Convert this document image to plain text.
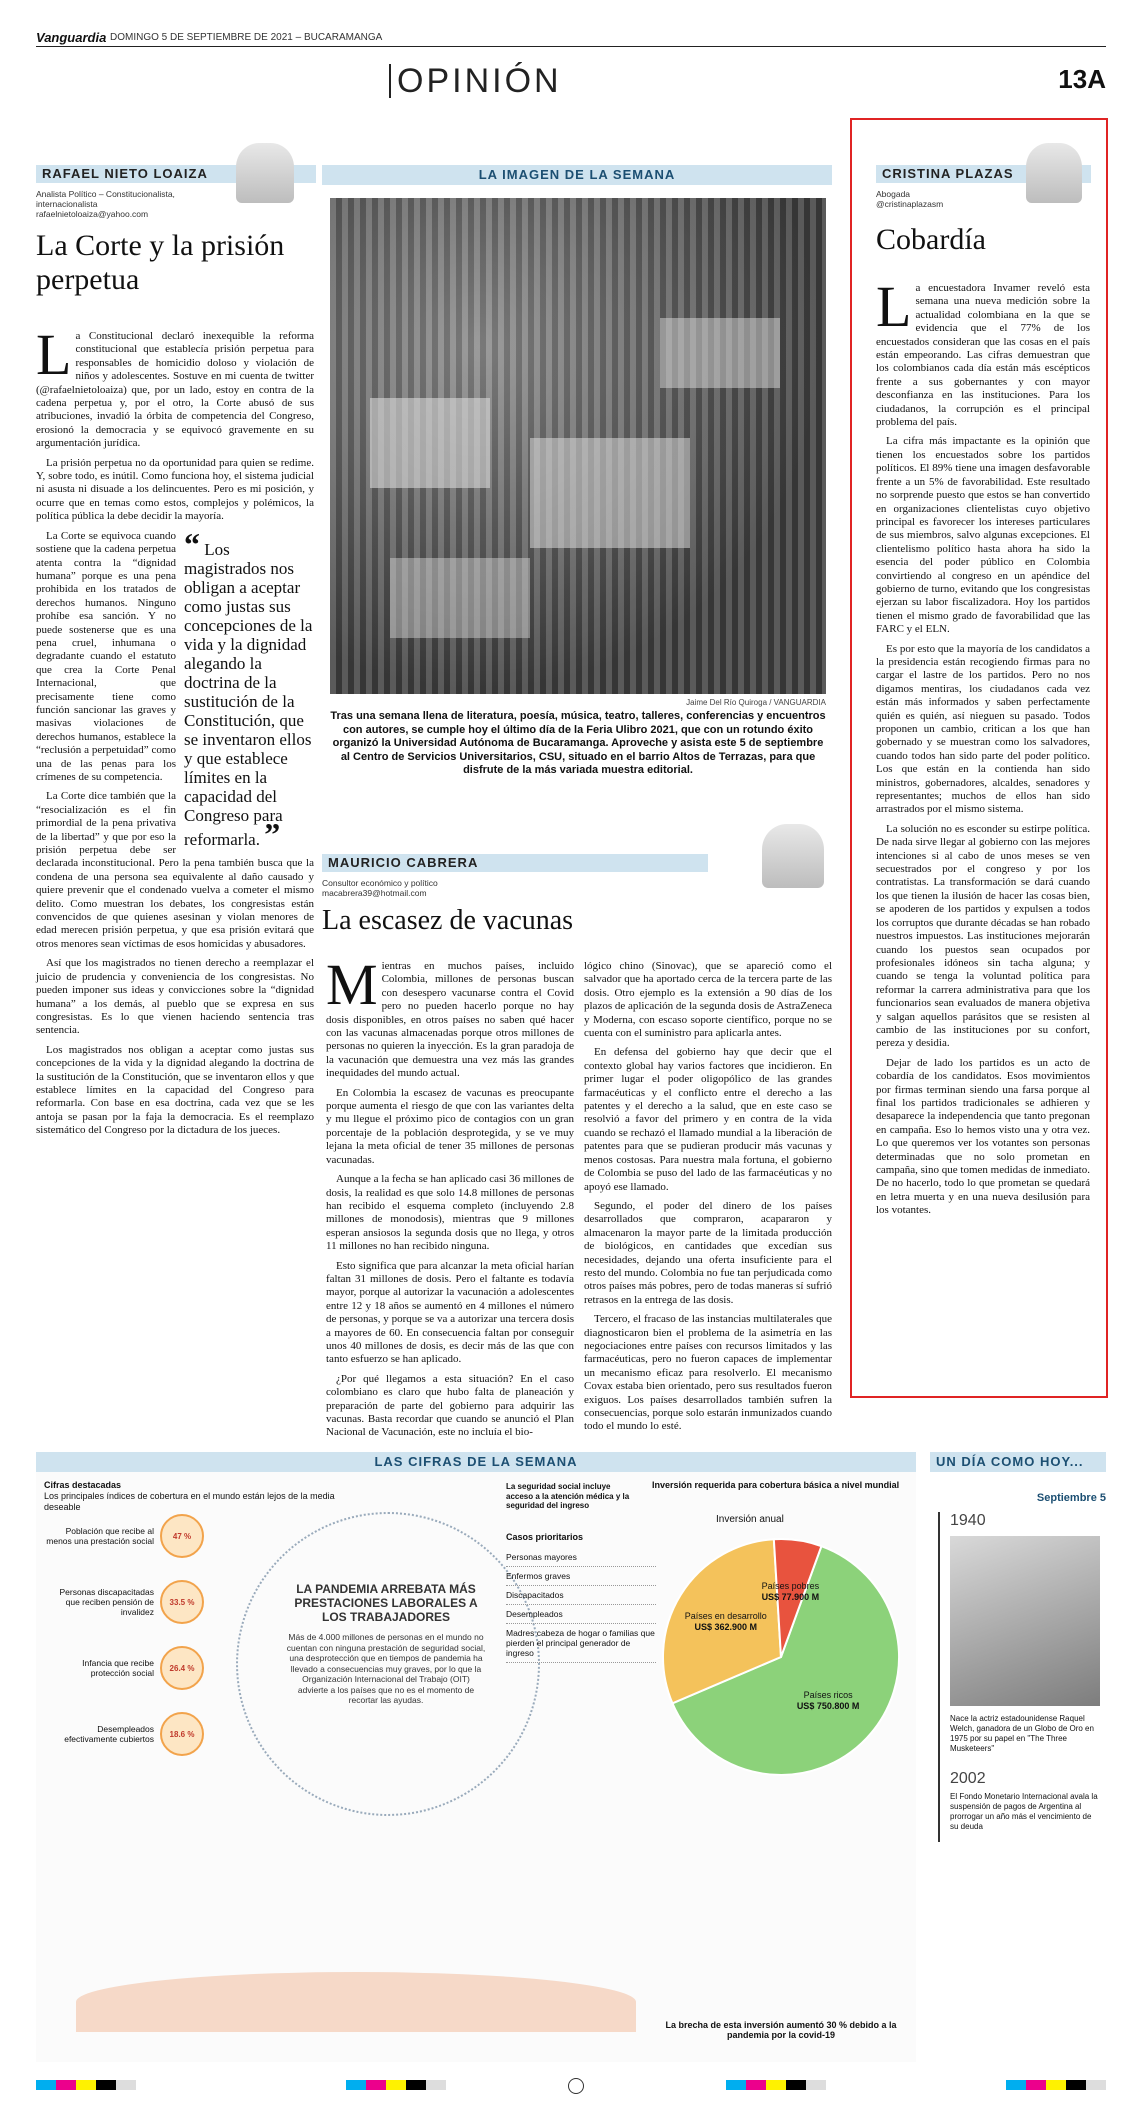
Vanguardia DOMINGO 5 DE SEPTIEMBRE DE 2021 – BUCARAMANGA
OPINIÓN	13A
RAFAEL NIETO LOAIZA
Analista Político – Constitucionalista,
internacionalista
rafaelnietoloaiza@yahoo.com
La Corte y la prisión perpetua
L a Constitucional declaró inexequible la reforma constitucional que establecía prisión perpetua para responsables de homicidio doloso y violación de niños y adolescentes. Sostuve en mi cuenta de twitter (@rafaelnietoloaiza) que, por un lado, estoy en contra de la cadena perpetua y, por el otro, la Corte abusó de sus atribuciones, invadió la órbita de competencia del Congreso, erosionó la democracia y se equivocó gravemente en su argumentación jurídica.

La prisión perpetua no da oportunidad para quien se redime. Y, sobre todo, es inútil. Como funciona hoy, el sistema judicial ni asusta ni disuade a los delincuentes. Pero es mi posición, y ocurre que en temas como estos, complejos y polémicos, la política pública la debe decidir la mayoría.

“ Los magistrados nos obligan a aceptar como justas sus concepciones de la vida y la dignidad alegando la doctrina de la sustitución de la Constitución, que se inventaron ellos y que establece límites en la capacidad del Congreso para reformarla. ”

La Corte se equivoca cuando sostiene que la cadena perpetua atenta contra la “dignidad humana” porque es una pena prohibida en los tratados de derechos humanos. Ninguno prohíbe esa sanción. Y no puede sostenerse que es una pena cruel, inhumana o degradante cuando el estatuto que crea la Corte Penal Internacional, que precisamente tiene como función sancionar las graves y masivas violaciones de derechos humanos, establece la “reclusión a perpetuidad” como una de las penas para los crímenes de su competencia.

La Corte dice también que la “resocialización es el fin primordial de la pena privativa de la libertad” y que por eso la prisión perpetua debe ser declarada inconstitucional. Pero la pena también busca que la condena de una persona sea equivalente al daño causado y quiere prevenir que el condenado vuelva a cometer el mismo delito. Como muestran los debates, los congresistas están convencidos de que quienes asesinan y violan menores de edad merecen prisión perpetua, y que esa prisión evitará que otros menores sean víctimas de esos homicidas y abusadores.

Así que los magistrados no tienen derecho a reemplazar el juicio de prudencia y conveniencia de los congresistas. No pueden imponer sus ideas y convicciones sobre la “dignidad humana” a los demás, al pueblo que se expresa en sus congresistas. Es lo que vienen haciendo sentencia tras sentencia.

Los magistrados nos obligan a aceptar como justas sus concepciones de la vida y la dignidad alegando la doctrina de la sustitución de la Constitución, que se inventaron ellos y que establece límites en la capacidad del Congreso para reformarla. Con base en esa doctrina, cada vez que se les antoja se pasan por la faja la democracia. Es el reemplazo sistemático del Congreso por la dictadura de los jueces.

LA IMAGEN DE LA SEMANA
Jaime Del Río Quiroga / VANGUARDIA
Tras una semana llena de literatura, poesía, música, teatro, talleres, conferencias y encuentros con autores, se cumple hoy el último día de la Feria Ulibro 2021, que con un rotundo éxito organizó la Universidad Autónoma de Bucaramanga. Aproveche y asista este 5 de septiembre al Centro de Servicios Universitarios, CSU, situado en el barrio Altos de Terrazas, para que disfrute de la más variada muestra editorial.
MAURICIO CABRERA
Consultor económico y político
macabrera39@hotmail.com
La escasez de vacunas
M ientras en muchos países, incluido Colombia, millones de personas buscan con desespero vacunarse contra el Covid pero no pueden hacerlo porque no hay dosis disponibles, en otros países no saben qué hacer con las vacunas almacenadas porque otros millones de personas no quieren la inyección. Es la gran paradoja de la vacunación que demuestra una vez más las grandes inequidades del mundo actual.

En Colombia la escasez de vacunas es preocupante porque aumenta el riesgo de que con las variantes delta y mu llegue el próximo pico de contagios con un gran porcentaje de la población desprotegida, y se ve muy lejana la meta oficial de tener 35 millones de personas vacunadas.

Aunque a la fecha se han aplicado casi 36 millones de dosis, la realidad es que solo 14.8 millones de personas han recibido el esquema completo (incluyendo 2.8 millones de monodosis), mientras que 9 millones esperan ansiosos la segunda dosis que no llega, y otros 11 millones no han recibido ninguna.

Esto significa que para alcanzar la meta oficial harían faltan 31 millones de dosis. Pero el faltante es todavía mayor, porque al autorizar la vacunación a adolescentes entre 12 y 18 años se aumentó en 4 millones el número de personas, y porque se va a autorizar una tercera dosis a mayores de 60. En consecuencia faltan por conseguir unos 40 millones de dosis, es decir más de las que con tanto esfuerzo se han aplicado.

¿Por qué llegamos a esta situación? En el caso colombiano es claro que hubo falta de planeación y preparación de parte del gobierno para adquirir las vacunas. Basta recordar que cuando se anunció el Plan Nacional de Vacunación, este no incluía el bio-

lógico chino (Sinovac), que se apareció como el salvador que ha aportado cerca de la tercera parte de las dosis. Otro ejemplo es la extensión a 90 días de los plazos de aplicación de la segunda dosis de AstraZeneca y Moderna, con escaso soporte científico, porque no se cuenta con el suministro para aplicarla antes.

En defensa del gobierno hay que decir que el contexto global hay varios factores que incidieron. En primer lugar el poder oligopólico de las grandes farmacéuticas y el conflicto entre el derecho a las patentes y el derecho a la salud, que en este caso se resolvió a favor del primero y en contra de la vida cuando se rechazó el llamado mundial a la liberación de patentes para que se pudieran producir más vacunas y menos costosas. Para nuestra mala fortuna, el gobierno de Colombia se puso del lado de las farmacéuticas y no apoyó ese llamado.

Segundo, el poder del dinero de los países desarrollados que compraron, acapararon y almacenaron la mayor parte de la limitada producción de biológicos, en cantidades que excedían sus necesidades, dejando una oferta insuficiente para el resto del mundo. Colombia no fue tan perjudicada como otros países más pobres, pero de todas maneras sí sufrió retrasos en la entrega de las dosis.

Tercero, el fracaso de las instancias multilaterales que diagnosticaron bien el problema de la asimetría en las negociaciones entre países con recursos limitados y las farmacéuticas, pero no fueron capaces de implementar un mecanismo eficaz para resolverlo. El mecanismo Covax estaba bien orientado, pero sus resultados fueron exiguos. Los países desarrollados también sufren la consecuencias, porque solo estarán inmunizados cuando todo el mundo lo esté.

CRISTINA PLAZAS
Abogada
@cristinaplazasm
Cobardía
L a encuestadora Invamer reveló esta semana una nueva medición sobre la actualidad colombiana en la que se evidencia que el 77% de los encuestados consideran que las cosas en el país están empeorando. Las cifras demuestran que los colombianos cada día están más escépticos frente a sus gobernantes y con mayor desconfianza en las instituciones. Para los ciudadanos, la corrupción es el principal problema del país.

La cifra más impactante es la opinión que tienen los encuestados sobre los partidos políticos. El 89% tiene una imagen desfavorable frente a un 5% de favorabilidad. Este resultado no sorprende puesto que estos se han convertido en organizaciones clientelistas cuyo objetivo principal es favorecer los intereses particulares de sus miembros, salvo algunas excepciones. El clientelismo político hasta ahora ha sido la esencia del poder público en Colombia convirtiendo al congreso en un apéndice del gobierno de turno, evitando que los congresistas ejerzan su labor fiscalizadora. Hoy los partidos tienen el mismo grado de favorabilidad que las FARC y el ELN.

Es por esto que la mayoría de los candidatos a la presidencia están recogiendo firmas para no cargar el lastre de los partidos. Pero no nos digamos mentiras, los ciudadanos cada vez están más informados y saben perfectamente quién es quién, así nieguen su pasado. Todos proponen un cambio, critican a los que han gobernado y se muestran como los salvadores, cuando todos han sido parte del poder político. Los que están en la contienda han sido ministros, gobernadores, alcaldes, senadores y representantes; muchos de ellos han sido arrastrados por el mismo sistema.

La solución no es esconder su estirpe política. De nada sirve llegar al gobierno con las mejores intenciones si al cabo de unos meses se ven secuestrados por el congreso y por los contratistas. La transformación se dará cuando los que tienen la ilusión de hacer las cosas bien, se apoderen de los partidos y expulsen a todos los corruptos que durante décadas se han robado nuestros impuestos. Las instituciones mejorarán cuando los puestos sean ocupados por profesionales idóneos sin tacha alguna; y cuando se tenga la voluntad política para reformar la carrera administrativa para que los funcionarios sean evaluados de manera objetiva y salgan aquellos parásitos que se resisten al cambio de las instituciones por su confort, pereza y desidia.

Dejar de lado los partidos es un acto de cobardía de los candidatos. Esos movimientos por firmas terminan siendo una farsa porque al final los partidos tradicionales se adhieren y desaparece la independencia que tanto pregonan en campaña. Eso lo hemos visto una y otra vez. Lo que queremos ver los votantes son personas determinadas que no solo prometan en campaña, sino que tomen medidas de inmediato. De no hacerlo, todo lo que prometan se quedará en letra muerta y en una nueva desilusión para los votantes.

LAS CIFRAS DE LA SEMANA
Cifras destacadas
Los principales índices de cobertura en el mundo están lejos de la media deseable
Población que recibe al menos una prestación social	47 %
Personas discapacitadas que reciben pensión de invalidez
33.5 %
Infancia que recibe protección social	26.4 %
Desempleados efectivamente cubiertos	18.6 %
LA PANDEMIA ARREBATA MÁS PRESTACIONES LABORALES A LOS TRABAJADORES
Más de 4.000 millones de personas en el mundo no cuentan con ninguna prestación de seguridad social, una desprotección que en tiempos de pandemia ha llevado a consecuencias muy graves, por lo que la Organización Internacional del Trabajo (OIT) advierte a los países que no es el momento de recortar las ayudas.
La seguridad social incluye acceso a la atención médica y la seguridad del ingreso
Casos prioritarios
Personas mayores
Enfermos graves
Discapacitados
Desempleados
Madres cabeza de hogar o familias que pierden el principal generador de ingreso
Inversión requerida para cobertura básica a nivel mundial
Inversión anual
La brecha de esta inversión aumentó 30 % debido a la pandemia por la covid-19
Países ricos
US$ 750.800 M
Países en desarrollo
US$ 362.900 M
Países pobres
US$ 77.900 M
UN DÍA COMO HOY...
Septiembre 5
1940
Nace la actriz estadounidense Raquel Welch, ganadora de un Globo de Oro en 1975 por su papel en "The Three Musketeers"
2002
El Fondo Monetario Internacional avala la suspensión de pagos de Argentina al prorrogar un año más el vencimiento de su deuda
